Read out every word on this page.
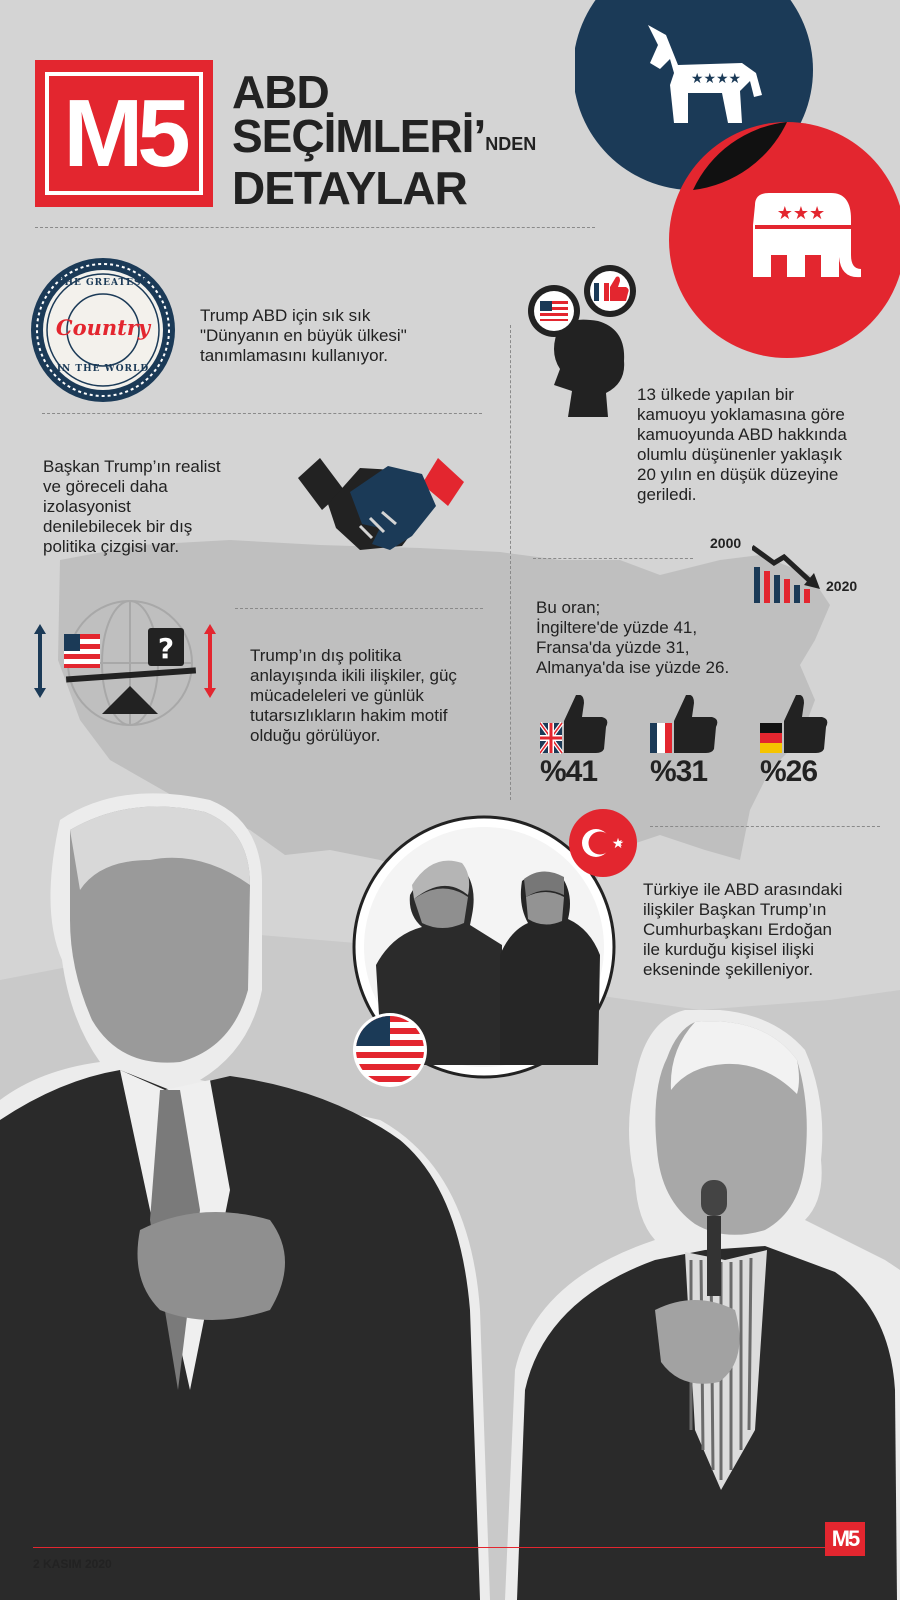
M5	ABD
SEÇİMLERİ’NDEN
DETAYLAR
★★★★
★★★
THE GREATEST
Country
IN THE WORLD

Trump ABD için sık sık
"Dünyanın en büyük ülkesi"
tanımlamasını kullanıyor.

13 ülkede yapılan bir
kamuoyu yoklamasına göre
kamuoyunda ABD hakkında
olumlu düşünenler yaklaşık
20 yılın en düşük düzeyine
geriledi.

Başkan Trump’ın realist
ve göreceli daha
izolasyonist
denilebilecek bir dış
politika çizgisi var.

?	Trump’ın dış politika
anlayışında ikili ilişkiler, güç
mücadeleleri ve günlük
tutarsızlıkların hakim motif
olduğu görülüyor.

2000
2020

Bu oran;
İngiltere'de yüzde 41,
Fransa'da yüzde 31,
Almanya'da ise yüzde 26.

%41	%31	%26
★

Türkiye ile ABD arasındaki
ilişkiler Başkan Trump’ın
Cumhurbaşkanı Erdoğan
ile kurduğu kişisel ilişki
ekseninde şekilleniyor.

2 KASIM 2020
M5
